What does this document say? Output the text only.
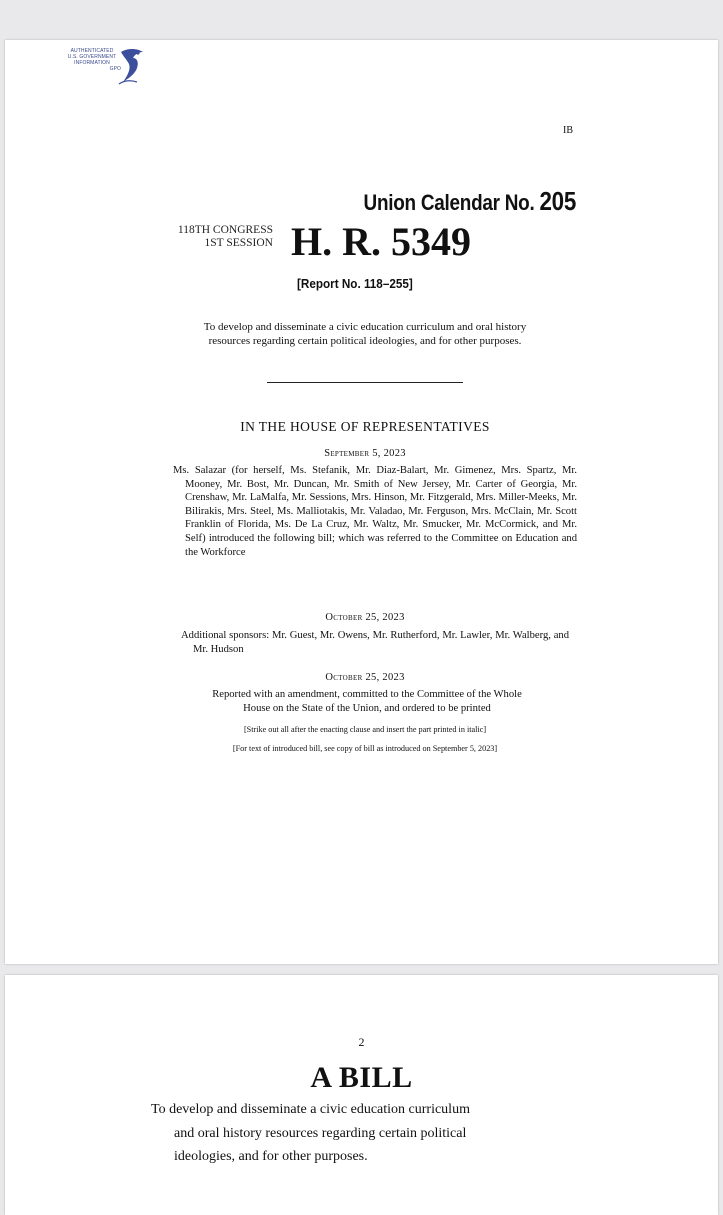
AUTHENTICATED
U.S. GOVERNMENT
INFORMATION
GPO
IB
Union Calendar No. 205
118TH CONGRESS
1ST SESSION H. R. 5349
[Report No. 118–255]
To develop and disseminate a civic education curriculum and oral history
resources regarding certain political ideologies, and for other purposes.
IN THE HOUSE OF REPRESENTATIVES
September 5, 2023
Ms. Salazar (for herself, Ms. Stefanik, Mr. Diaz-Balart, Mr. Gimenez, Mrs. Spartz, Mr. Mooney, Mr. Bost, Mr. Duncan, Mr. Smith of New Jersey, Mr. Carter of Georgia, Mr. Crenshaw, Mr. LaMalfa, Mr. Sessions, Mrs. Hinson, Mr. Fitzgerald, Mrs. Miller-Meeks, Mr. Bilirakis, Mrs. Steel, Ms. Malliotakis, Mr. Valadao, Mr. Ferguson, Mrs. McClain, Mr. Scott Franklin of Florida, Ms. De La Cruz, Mr. Waltz, Mr. Smucker, Mr. McCormick, and Mr. Self) introduced the following bill; which was referred to the Committee on Education and the Workforce
October 25, 2023
Additional sponsors: Mr. Guest, Mr. Owens, Mr. Rutherford, Mr. Lawler, Mr. Walberg, and Mr. Hudson
October 25, 2023
Reported with an amendment, committed to the Committee of the Whole
House on the State of the Union, and ordered to be printed
[Strike out all after the enacting clause and insert the part printed in italic]
[For text of introduced bill, see copy of bill as introduced on September 5, 2023]
2
A BILL
To develop and disseminate a civic education curriculum
and oral history resources regarding certain political
ideologies, and for other purposes.
